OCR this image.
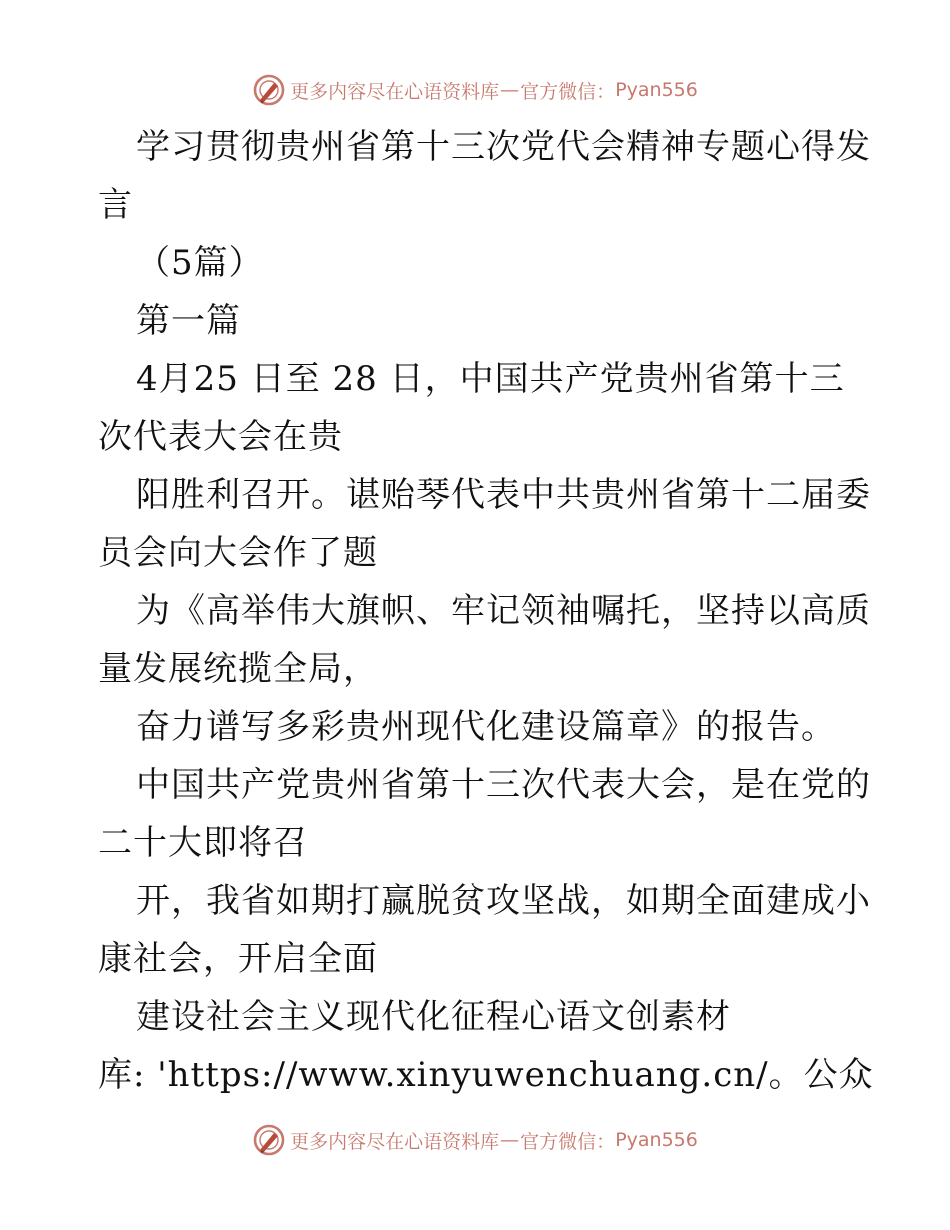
更多内容尽在心语资料库 — 官方微信： Pyan556

学习贯彻贵州省第十三次党代会精神专题心得发

言

（5篇）

第一篇

4月25 日至 28 日，中国共产党贵州省第十三

次代表大会在贵

阳胜利召开。谌贻琴代表中共贵州省第十二届委

员会向大会作了题

为《高举伟大旗帜、牢记领袖嘱托，坚持以高质

量发展统揽全局，

奋力谱写多彩贵州现代化建设篇章》的报告。

中国共产党贵州省第十三次代表大会，是在党的

二十大即将召

开，我省如期打赢脱贫攻坚战，如期全面建成小

康社会，开启全面

建设社会主义现代化征程心语文创素材

库: 'https://www.xinyuwenchuang.cn/。公众

更多内容尽在心语资料库 — 官方微信： Pyan556
